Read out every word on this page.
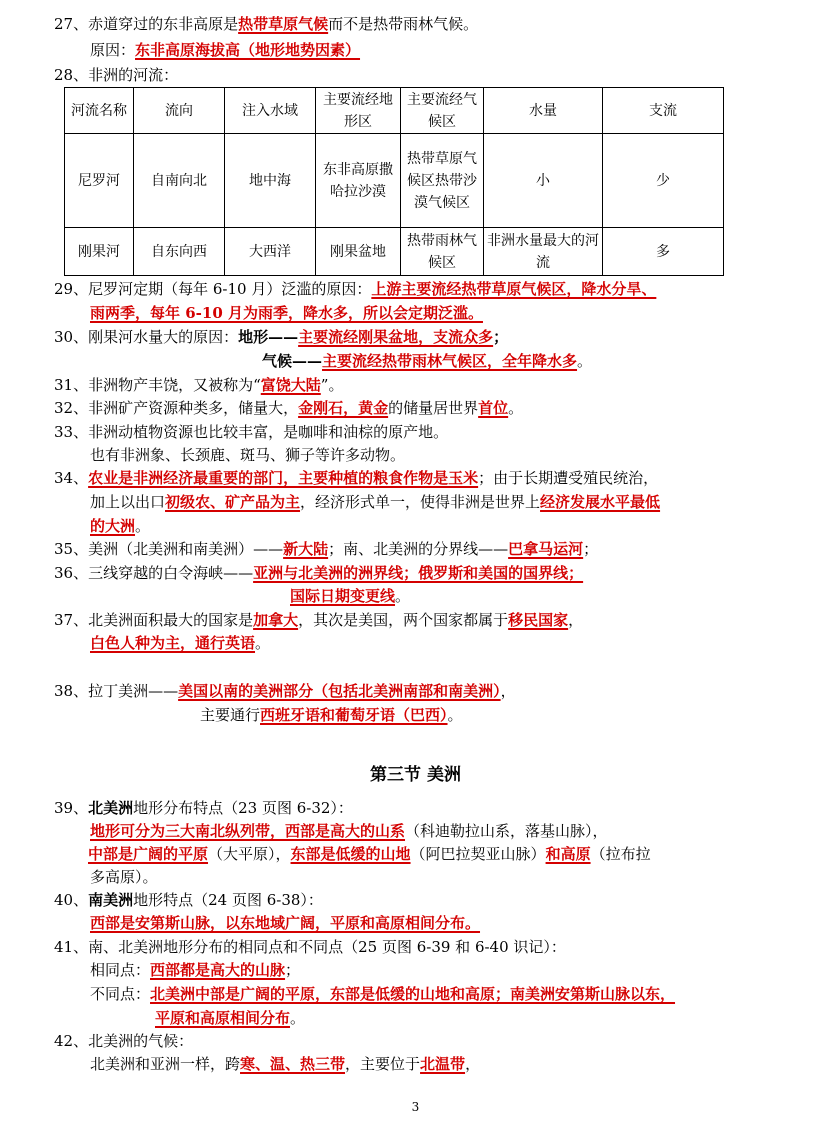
27、赤道穿过的东非高原是热带草原气候而不是热带雨林气候。
原因：东非高原海拔高（地形地势因素）
28、非洲的河流：
河流名称	流向	注入水域	主要流经地形区	主要流经气候区	水量	支流
尼罗河	自南向北	地中海	东非高原撒哈拉沙漠	热带草原气候区热带沙漠气候区	小	少
刚果河	自东向西	大西洋	刚果盆地	热带雨林气候区	非洲水量最大的河流	多
29、尼罗河定期（每年 6-10 月）泛滥的原因：上游主要流经热带草原气候区，降水分旱、
雨两季，每年 6-10 月为雨季，降水多，所以会定期泛滥。
30、刚果河水量大的原因：地形——主要流经刚果盆地，支流众多；
气候——主要流经热带雨林气候区，全年降水多。
31、非洲物产丰饶，又被称为“富饶大陆”。
32、非洲矿产资源种类多，储量大，金刚石，黄金的储量居世界首位。
33、非洲动植物资源也比较丰富，是咖啡和油棕的原产地。
也有非洲象、长颈鹿、斑马、狮子等许多动物。
34、农业是非洲经济最重要的部门，主要种植的粮食作物是玉米；由于长期遭受殖民统治，
加上以出口初级农、矿产品为主，经济形式单一，使得非洲是世界上经济发展水平最低
的大洲。
35、美洲（北美洲和南美洲）——新大陆；南、北美洲的分界线——巴拿马运河；
36、三线穿越的白令海峡——亚洲与北美洲的洲界线；俄罗斯和美国的国界线；
国际日期变更线。
37、北美洲面积最大的国家是加拿大，其次是美国，两个国家都属于移民国家，
白色人种为主，通行英语。
38、拉丁美洲——美国以南的美洲部分（包括北美洲南部和南美洲），
主要通行西班牙语和葡萄牙语（巴西）。
第三节 美洲
39、北美洲地形分布特点（23 页图 6-32）：
地形可分为三大南北纵列带，西部是高大的山系（科迪勒拉山系，落基山脉），
中部是广阔的平原（大平原），东部是低缓的山地（阿巴拉契亚山脉）和高原（拉布拉
多高原）。
40、南美洲地形特点（24 页图 6-38）：
西部是安第斯山脉，以东地域广阔，平原和高原相间分布。
41、南、北美洲地形分布的相同点和不同点（25 页图 6-39 和 6-40 识记）：
相同点：西部都是高大的山脉；
不同点：北美洲中部是广阔的平原，东部是低缓的山地和高原；南美洲安第斯山脉以东，
平原和高原相间分布。
42、北美洲的气候：
北美洲和亚洲一样，跨寒、温、热三带，主要位于北温带，
3
